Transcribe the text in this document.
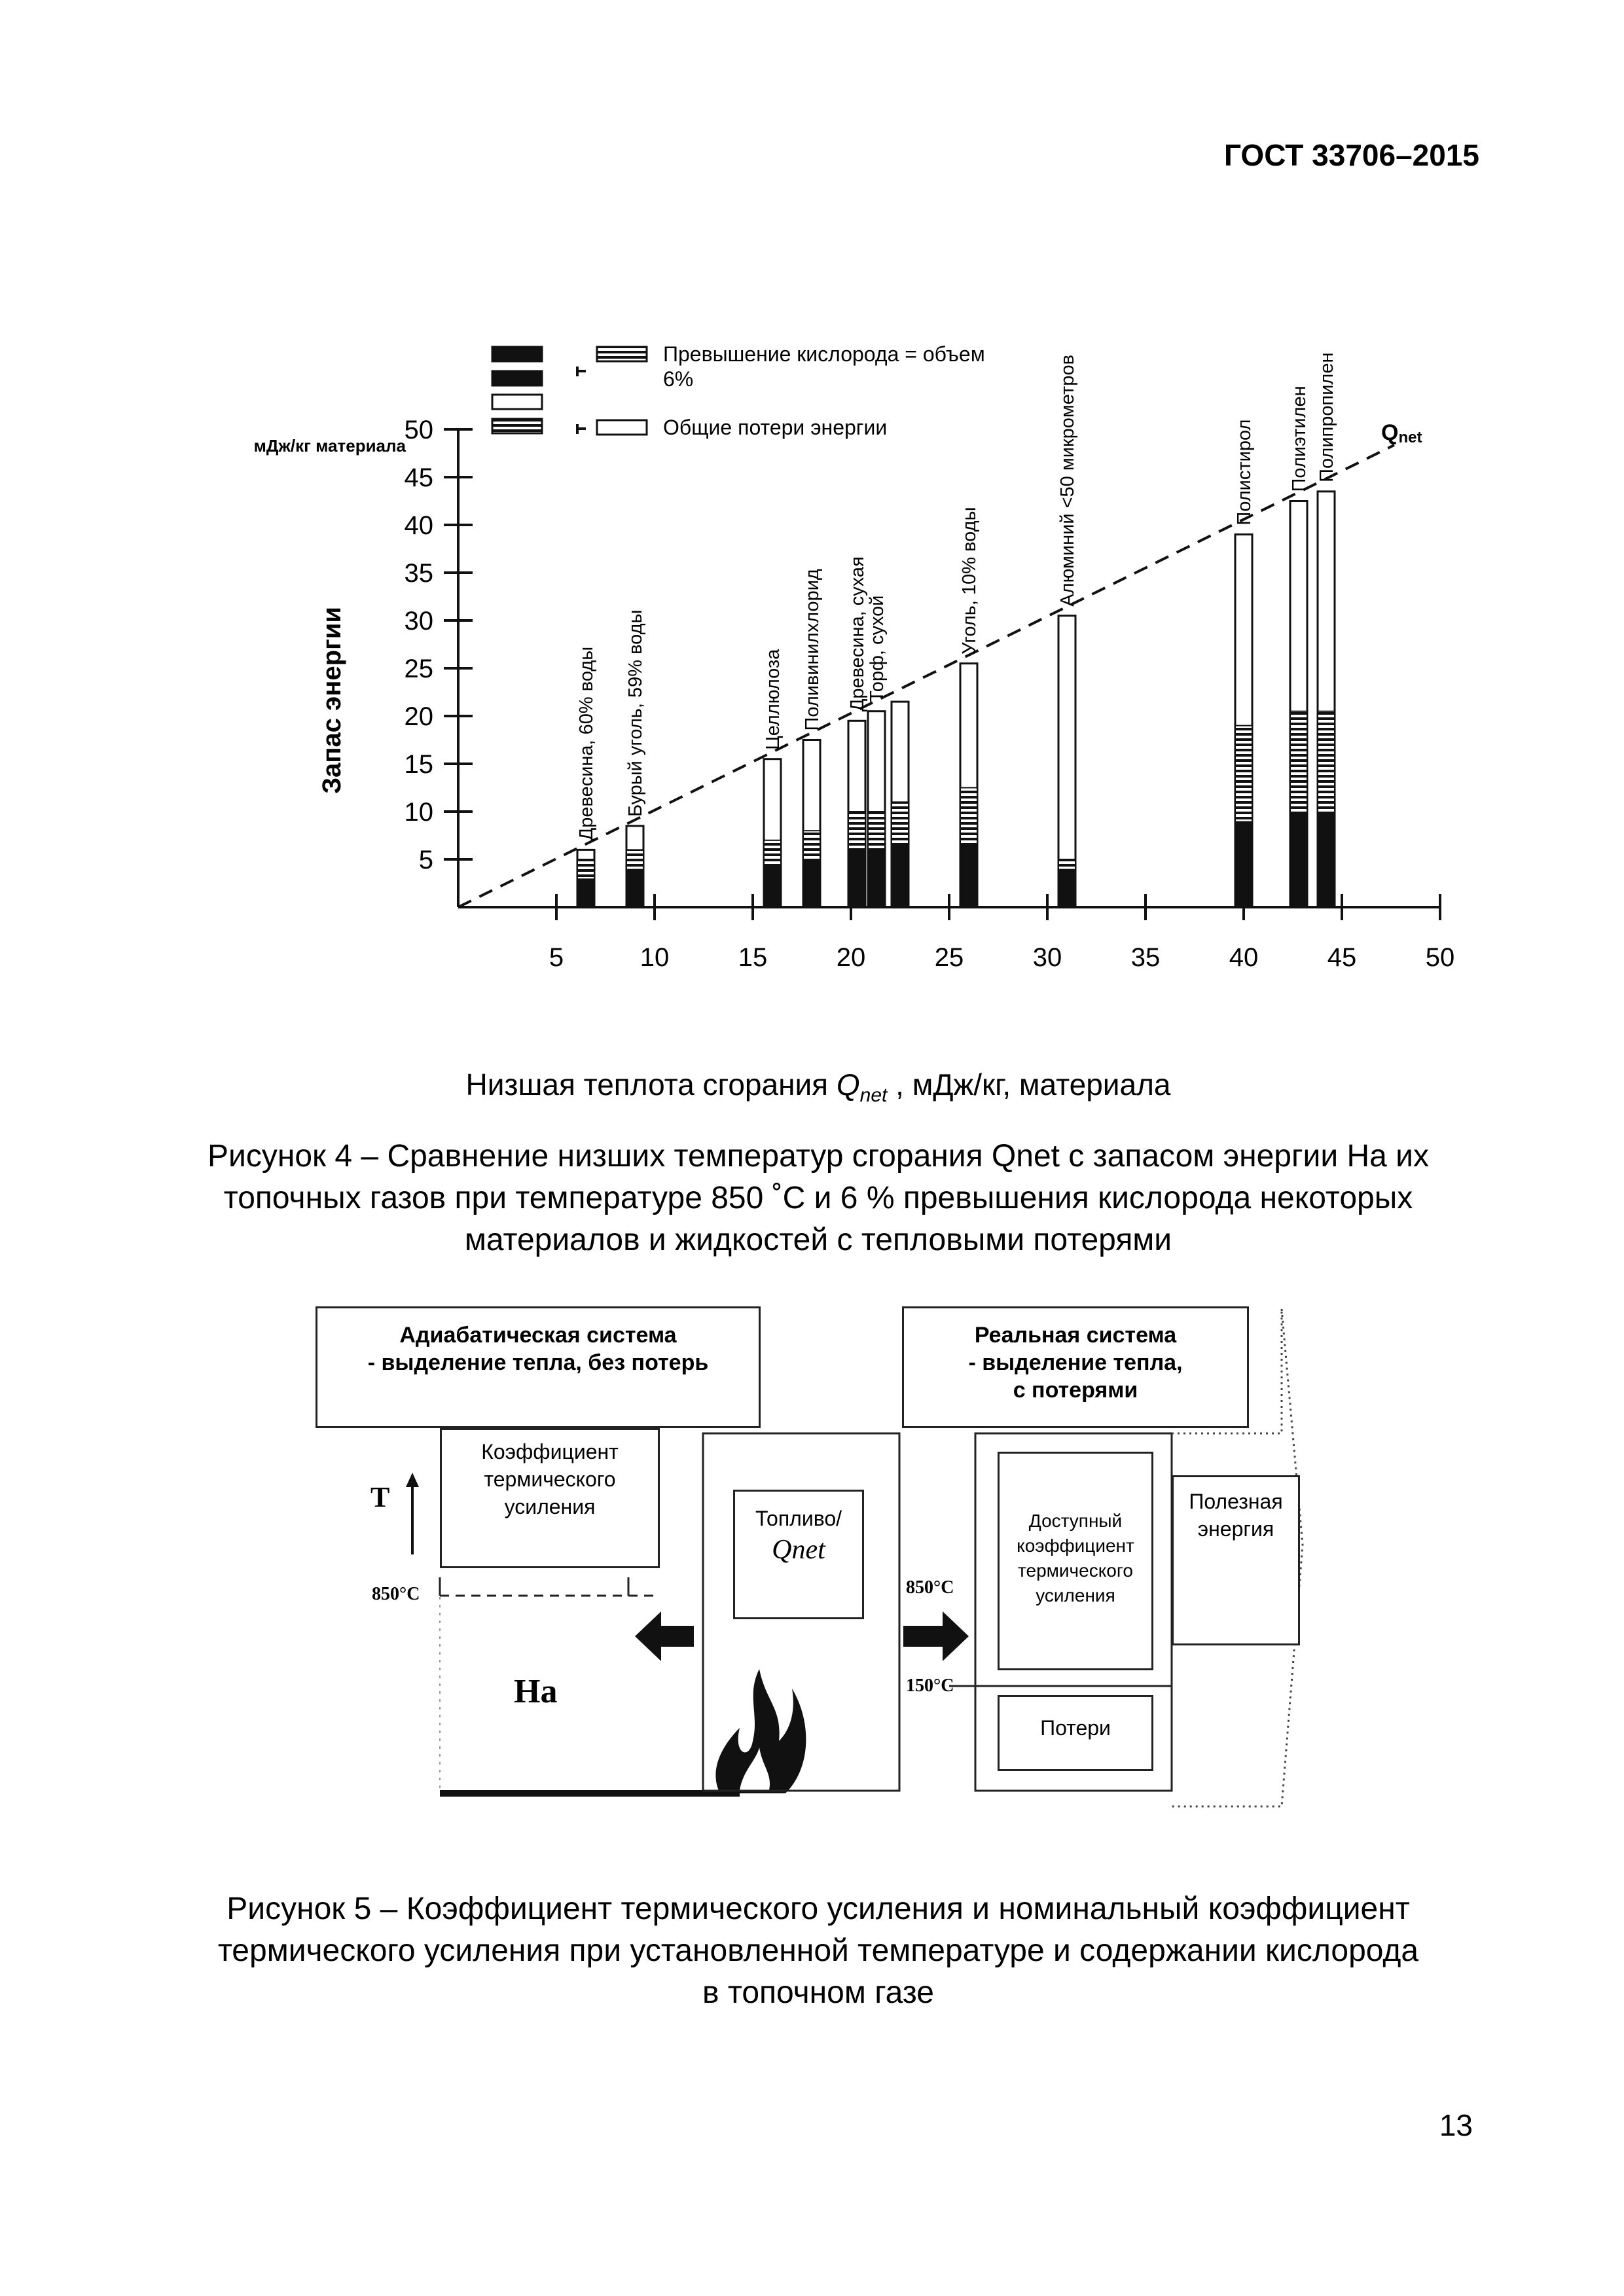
ГОСТ 33706–2015
Превышение кислорода = объем
6%
Общие потери энергии
5
10
15
20
25
30
35
40
45
50
5	10	15	20	25	30	35	40	45	50
мДж/кг материала
Запас энергии
Qnet
Древесина, 60% воды Бурый уголь, 59% воды	Целлюлоза Поливинилхлорид Древесина, сухая
Торф, сухой	Уголь, 10% воды	Алюминий <50 микрометров	Полистирол Полиэтилен Полипропилен
Низшая теплота сгорания $Q_{net}$ , мДж/кг, материала
Рисунок 4 – Сравнение низших температур сгорания Qnet с запасом энергии Hа их
топочных газов при температуре 850 ˚С и 6 % превышения кислорода некоторых
материалов и жидкостей с тепловыми потерями
Адиабатическая система
- выделение тепла, без потерь
Реальная система
- выделение тепла,
с потерями
Коэффициент
термического
усиления
T
850°C
Ha
Топливо/
Qnet
850°C
150°C
Доступный
коэффициент
термического
усиления
Полезная
энергия
Потери
Рисунок 5 – Коэффициент термического усиления и номинальный коэффициент
термического усиления при установленной температуре и содержании кислорода
в топочном газе
13
